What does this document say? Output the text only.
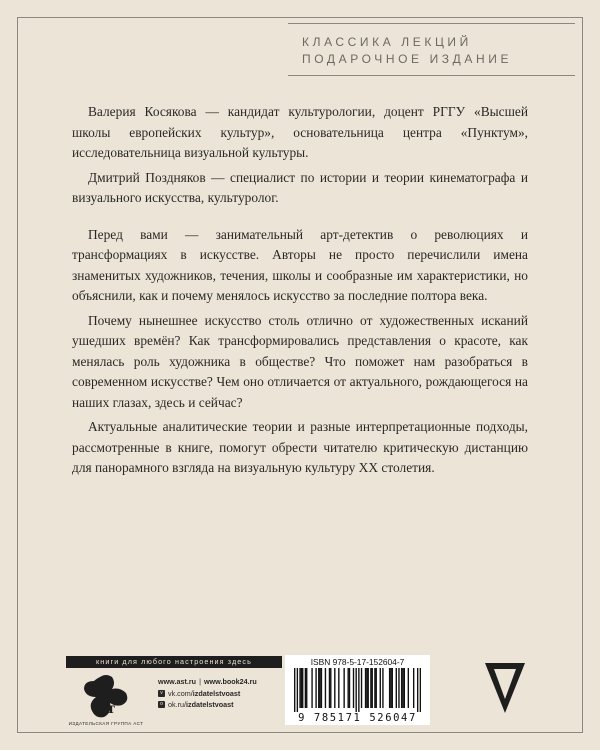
КЛАССИКА ЛЕКЦИЙ
ПОДАРОЧНОЕ ИЗДАНИЕ

Валерия Косякова — кандидат культурологии, доцент РГГУ «Высшей школы европейских культур», основательница центра «Пунктум», исследовательница визуальной культуры.

Дмитрий Поздняков — специалист по истории и теории кинематографа и визуального искусства, культуролог.

Перед вами — занимательный арт-детектив о революциях и трансформациях в искусстве. Авторы не просто перечислили имена знаменитых художников, течения, школы и сообразные им характеристики, но объяснили, как и почему менялось искусство за последние полтора века.

Почему нынешнее искусство столь отлично от художественных исканий ушедших времён? Как трансформировались представления о красоте, как менялась роль художника в обществе? Что поможет нам разобраться в современном искусстве? Чем оно отличается от актуального, рождающегося на наших глазах, здесь и сейчас?

Актуальные аналитические теории и разные интерпретационные подходы, рассмотренные в книге, помогут обрести читателю критическую дистанцию для панорамного взгляда на визуальную культуру XX столетия.

книги для любого настроения здесь
аст
ИЗДАТЕЛЬСКАЯ ГРУППА АСТ
www.ast.ru | www.book24.ru
v vk.com/ izdatelstvoast
o ok.ru/ izdatelstvoast
ISBN 978-5-17-152604-7
9 785171 526047
